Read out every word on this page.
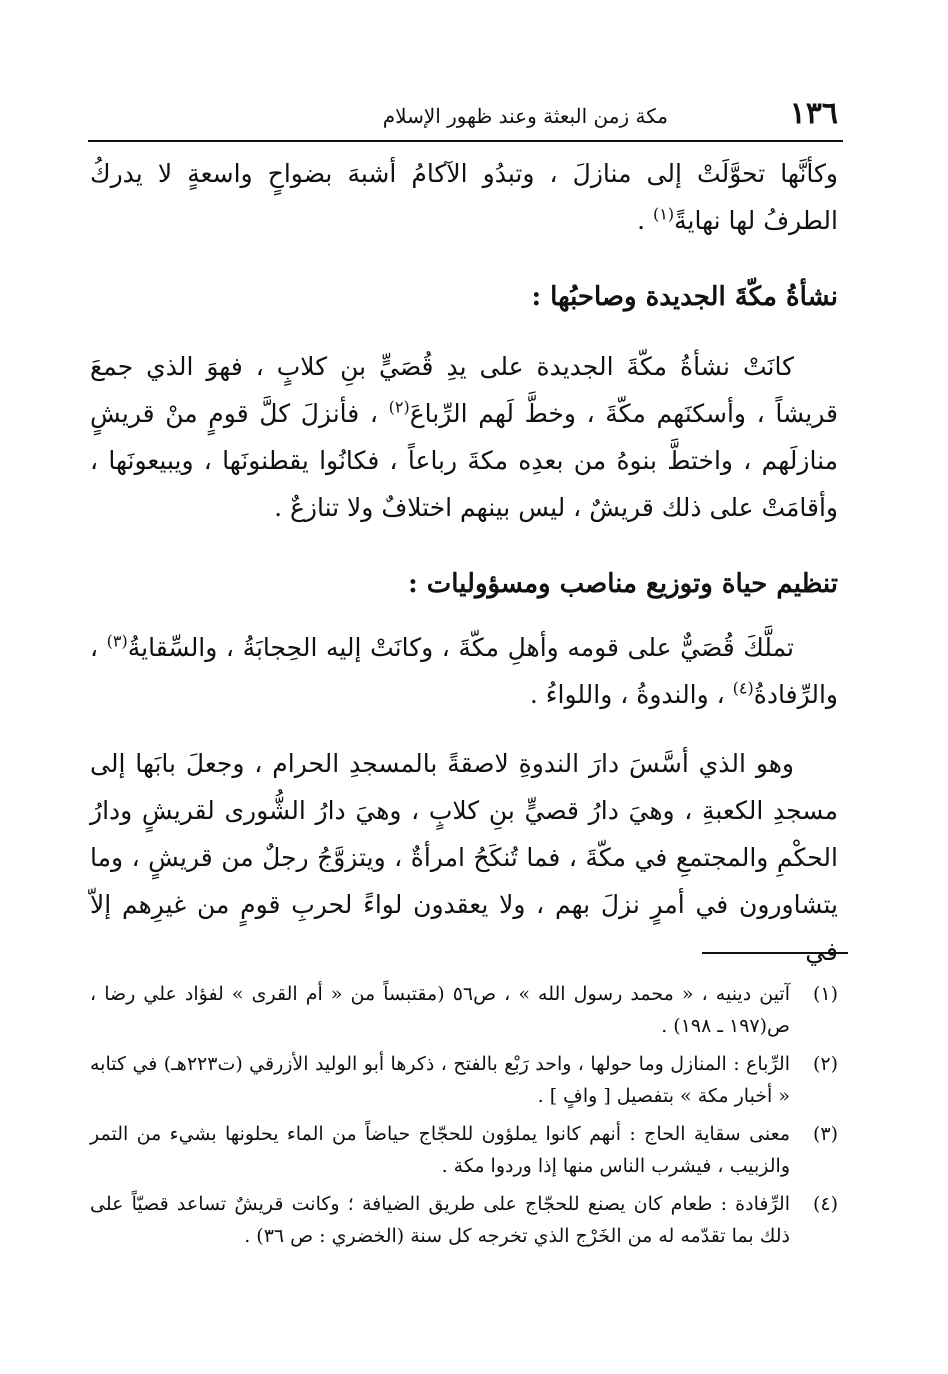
١٣٦
مكة زمن البعثة وعند ظهور الإسلام

وكأنَّها تحوَّلَتْ إلى منازلَ ، وتبدُو الآكامُ أشبهَ بضواحٍ واسعةٍ لا يدركُ الطرفُ لها نهايةً$^{(١)}$ .

نشأةُ مكّةَ الجديدة وصاحبُها :

كانَتْ نشأةُ مكّةَ الجديدة على يدِ قُصَيٍّ بنِ كلابٍ ، فهوَ الذي جمعَ قريشاً ، وأسكنَهم مكّةَ ، وخطَّ لَهم الرِّباعَ$^{(٢)}$ ، فأنزلَ كلَّ قومٍ منْ قريشٍ منازلَهم ، واختطَّ بنوهُ من بعدِه مكةَ رباعاً ، فكانُوا يقطنونَها ، ويبيعونَها ، وأقامَتْ على ذلك قريشٌ ، ليس بينهم اختلافٌ ولا تنازعٌ .

تنظيم حياة وتوزيع مناصب ومسؤوليات :

تملَّكَ قُصَيٌّ على قومه وأهلِ مكّةَ ، وكانَتْ إليه الحِجابَةُ ، والسِّقايةُ$^{(٣)}$ ، والرِّفادةُ$^{(٤)}$ ، والندوةُ ، واللواءُ .

وهو الذي أسَّسَ دارَ الندوةِ لاصقةً بالمسجدِ الحرام ، وجعلَ بابَها إلى مسجدِ الكعبةِ ، وهيَ دارُ قصيٍّ بنِ كلابٍ ، وهيَ دارُ الشُّورى لقريشٍ ودارُ الحكْمِ والمجتمعِ في مكّةَ ، فما تُنكَحُ امرأةٌ ، ويتزوَّجُ رجلٌ من قريشٍ ، وما يتشاورون في أمرٍ نزلَ بهم ، ولا يعقدون لواءً لحربِ قومٍ من غيرِهم إلاّ في

(١)
آتين دينيه ، « محمد رسول الله » ، ص٥٦ (مقتبساً من « أم القرى » لفؤاد علي رضا ، ص(١٩٧ ـ ١٩٨) .
(٢)
الرِّباع : المنازل وما حولها ، واحد رَبْع بالفتح ، ذكرها أبو الوليد الأزرقي (ت٢٢٣هـ) في كتابه « أخبار مكة » بتفصيل [ وافٍ ] .
(٣)
معنى سقاية الحاج : أنهم كانوا يملؤون للحجّاج حياضاً من الماء يحلونها بشيء من التمر والزبيب ، فيشرب الناس منها إذا وردوا مكة .
(٤)
الرِّفادة : طعام كان يصنع للحجّاج على طريق الضيافة ؛ وكانت قريشٌ تساعد قصيّاً على ذلك بما تقدّمه له من الخَرْج الذي تخرجه كل سنة (الخضري : ص ٣٦) .
